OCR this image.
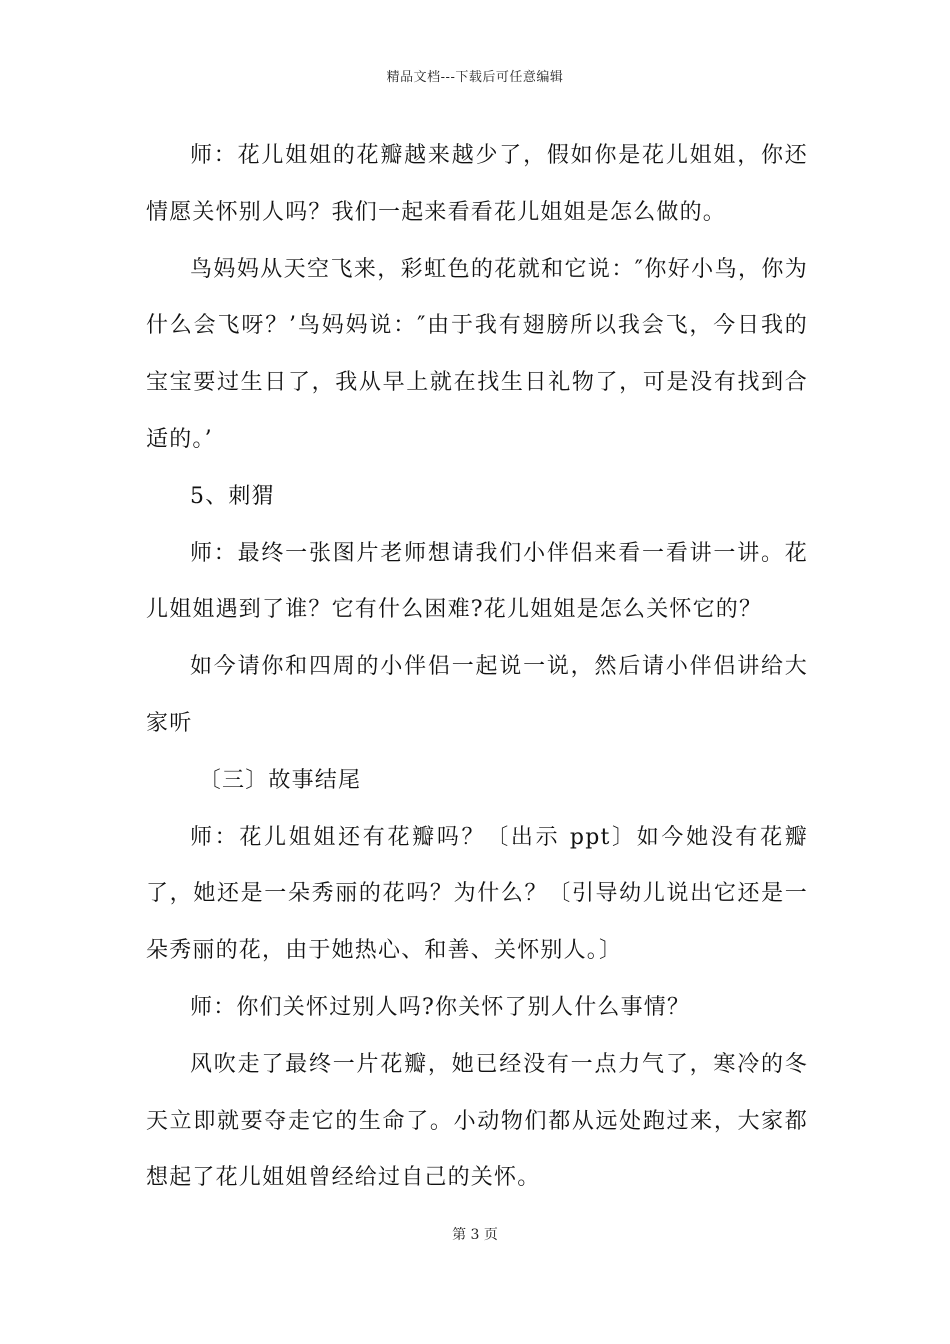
精品文档---下载后可任意编辑

师：花儿姐姐的花瓣越来越少了，假如你是花儿姐姐，你还情愿关怀别人吗？我们一起来看看花儿姐姐是怎么做的。

鸟妈妈从天空飞来，彩虹色的花就和它说：″你好小鸟，你为什么会飞呀？’鸟妈妈说：″由于我有翅膀所以我会飞，今日我的宝宝要过生日了，我从早上就在找生日礼物了，可是没有找到合适的。’

5、刺猬

师：最终一张图片老师想请我们小伴侣来看一看讲一讲。花儿姐姐遇到了谁？它有什么困难?花儿姐姐是怎么关怀它的？

如今请你和四周的小伴侣一起说一说，然后请小伴侣讲给大家听

〔三〕故事结尾

师：花儿姐姐还有花瓣吗？〔出示 ppt〕如今她没有花瓣了，她还是一朵秀丽的花吗？为什么？〔引导幼儿说出它还是一朵秀丽的花，由于她热心、和善、关怀别人。〕

师：你们关怀过别人吗?你关怀了别人什么事情？

风吹走了最终一片花瓣，她已经没有一点力气了，寒冷的冬天立即就要夺走它的生命了。小动物们都从远处跑过来，大家都想起了花儿姐姐曾经给过自己的关怀。

第 3 页
